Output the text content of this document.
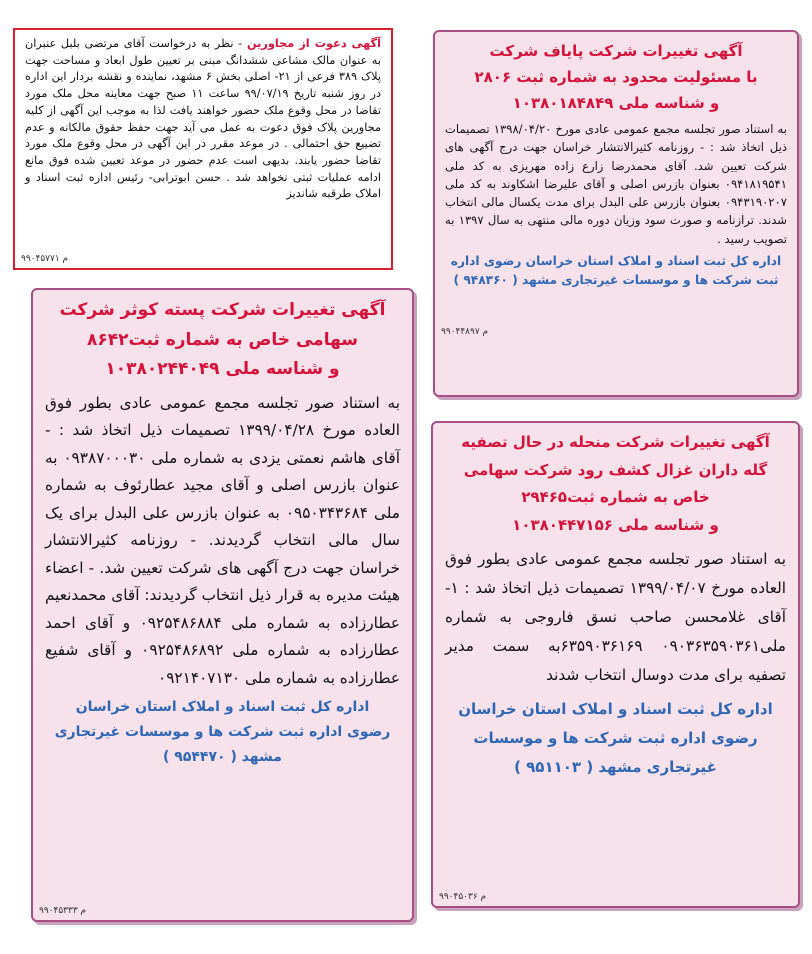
آگهی دعوت از مجاورین - نظر به درخواست آقای مرتضی بلبل عنبران به عنوان مالک مشاعی ششدانگ مبنی بر تعیین طول ابعاد و مساحت جهت پلاک ۳۸۹ فرعی از ۲۱- اصلی بخش ۶ مشهد، نماینده و نقشه بردار این اداره در روز شنبه تاریخ ۹۹/۰۷/۱۹ ساعت ۱۱ صبح جهت معاینه محل ملک مورد تقاضا در محل وقوع ملک حضور خواهند یافت لذا به موجب این آگهی از کلیه مجاورین پلاک فوق دعوت به عمل می آید جهت حفظ حقوق مالکانه و عدم تضییع حق احتمالی . در موعد مقرر در این آگهی در محل وقوع ملک مورد تقاضا حضور یابند. بدیهی است عدم حضور در موعد تعیین شده فوق مانع ادامه عملیات ثبتی نخواهد شد . حسن ابوترابی- رئیس اداره ثبت اسناد و املاک طرقبه شاندیز
م ۹۹۰۴۵۷۷۱
آگهی تغییرات شرکت پایاف شرکت
با مسئولیت محدود به شماره ثبت ۲۸۰۶
و شناسه ملی ۱۰۳۸۰۱۸۴۸۴۹
به استناد صور تجلسه مجمع عمومی عادی مورخ ۱۳۹۸/۰۴/۲۰ تصمیمات ذیل اتخاذ شد : - روزنامه کثیرالانتشار خراسان جهت درج آگهی های شرکت تعیین شد. آقای محمدرضا زارع زاده مهریزی به کد ملی ۰۹۴۱۸۱۹۵۴۱ بعنوان بازرس اصلی و آقای علیرضا اشکاوند به کد ملی ۰۹۴۳۱۹۰۲۰۷ بعنوان بازرس علی البدل برای مدت یکسال مالی انتخاب شدند. ترازنامه و صورت سود وزیان دوره مالی منتهی به سال ۱۳۹۷ به تصویب رسید .
اداره کل ثبت اسناد و املاک استان خراسان رضوی اداره
ثبت شرکت ها و موسسات غیرتجاری مشهد ( ۹۴۸۳۶۰ )
م ۹۹۰۴۴۸۹۷
آگهی تغییرات شرکت پسته کوثر شرکت
سهامی خاص به شماره ثبت۸۶۴۲
و شناسه ملی ۱۰۳۸۰۲۴۴۰۴۹
به استناد صور تجلسه مجمع عمومی عادی بطور فوق العاده مورخ ۱۳۹۹/۰۴/۲۸ تصمیمات ذیل اتخاذ شد : - آقای هاشم نعمتی یزدی به شماره ملی ۰۹۳۸۷۰۰۰۳۰ به عنوان بازرس اصلی و آقای مجید عطارئوف به شماره ملی ۰۹۵۰۳۴۳۶۸۴ به عنوان بازرس علی البدل برای یک سال مالی انتخاب گردیدند. - روزنامه کثیرالانتشار خراسان جهت درج آگهی های شرکت تعیین شد. - اعضاء هیئت مدیره به قرار ذیل انتخاب گردیدند: آقای محمدنعیم عطارزاده به شماره ملی ۰۹۲۵۴۸۶۸۸۴ و آقای احمد عطارزاده به شماره ملی ۰۹۲۵۴۸۶۸۹۲ و آقای شفیع عطارزاده به شماره ملی ۰۹۲۱۴۰۷۱۳۰
اداره کل ثبت اسناد و املاک استان خراسان
رضوی اداره ثبت شرکت ها و موسسات غیرتجاری
مشهد ( ۹۵۴۴۷۰ )
م ۹۹۰۴۵۳۳۳
آگهی تغییرات شرکت منحله در حال تصفیه
گله داران غزال کشف رود شرکت سهامی
خاص به شماره ثبت۲۹۴۶۵
و شناسه ملی ۱۰۳۸۰۴۴۷۱۵۶
به استناد صور تجلسه مجمع عمومی عادی بطور فوق العاده مورخ ۱۳۹۹/۰۴/۰۷ تصمیمات ذیل اتخاذ شد : ۱-آقای غلامحسن صاحب نسق فاروجی به شماره ملی۰۹۰۳۶۳۵۹۰۳۶۱ ۶۳۵۹۰۳۶۱۶۹به سمت مدیر تصفیه برای مدت دوسال انتخاب شدند
اداره کل ثبت اسناد و املاک استان خراسان
رضوی اداره ثبت شرکت ها و موسسات
غیرتجاری مشهد ( ۹۵۱۱۰۳ )
م ۹۹۰۴۵۰۳۶
